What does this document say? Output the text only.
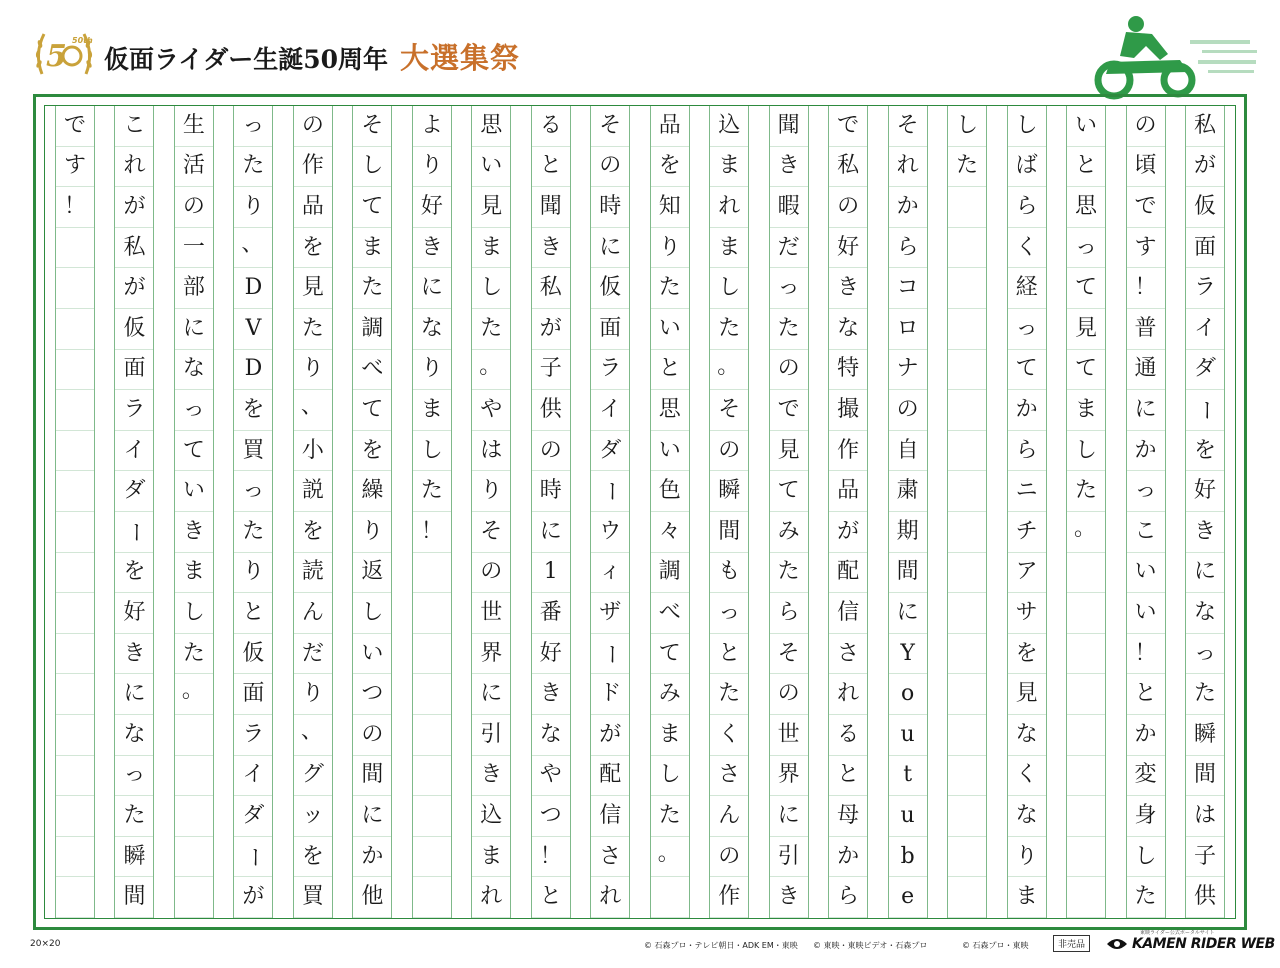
5 50th
仮面ライダー生誕50周年 大選集祭
私
が
仮
面
ラ
イ
ダ
ー
を
好
き
に
な
っ
た
瞬
間
は
子
供
の
頃
で
す
！
普
通
に
か
っ
こ
い
い
！
と
か
変
身
し
た
い
と
思
っ
て
見
て
ま
し
た
。
し
ば
ら
く
経
っ
て
か
ら
ニ
チ
ア
サ
を
見
な
く
な
り
ま
し
た
そ
れ
か
ら
コ
ロ
ナ
の
自
粛
期
間
に
Y
o
u
t
u
b
e
で
私
の
好
き
な
特
撮
作
品
が
配
信
さ
れ
る
と
母
か
ら
聞
き
暇
だ
っ
た
の
で
見
て
み
た
ら
そ
の
世
界
に
引
き
込
ま
れ
ま
し
た
。
そ
の
瞬
間
も
っ
と
た
く
さ
ん
の
作
品
を
知
り
た
い
と
思
い
色
々
調
べ
て
み
ま
し
た
。
そ
の
時
に
仮
面
ラ
イ
ダ
ー
ウ
ィ
ザ
ー
ド
が
配
信
さ
れ
る
と
聞
き
私
が
子
供
の
時
に
1
番
好
き
な
や
つ
！
と
思
い
見
ま
し
た
。
や
は
り
そ
の
世
界
に
引
き
込
ま
れ
よ
り
好
き
に
な
り
ま
し
た
！
そ
し
て
ま
た
調
べ
て
を
繰
り
返
し
い
つ
の
間
に
か
他
の
作
品
を
見
た
り
、
小
説
を
読
ん
だ
り
、
グ
ッ
を
買
っ
た
り
、
D
V
D
を
買
っ
た
り
と
仮
面
ラ
イ
ダ
ー
が
生
活
の
一
部
に
な
っ
て
い
き
ま
し
た
。
こ
れ
が
私
が
仮
面
ラ
イ
ダ
ー
を
好
き
に
な
っ
た
瞬
間
で
す
！
20×20	© 石森プロ・テレビ朝日・ADK EM・東映 © 東映・東映ビデオ・石森プロ	© 石森プロ・東映	非売品
東映ライダー公式ポータルサイト
KAMEN RIDER WEB
